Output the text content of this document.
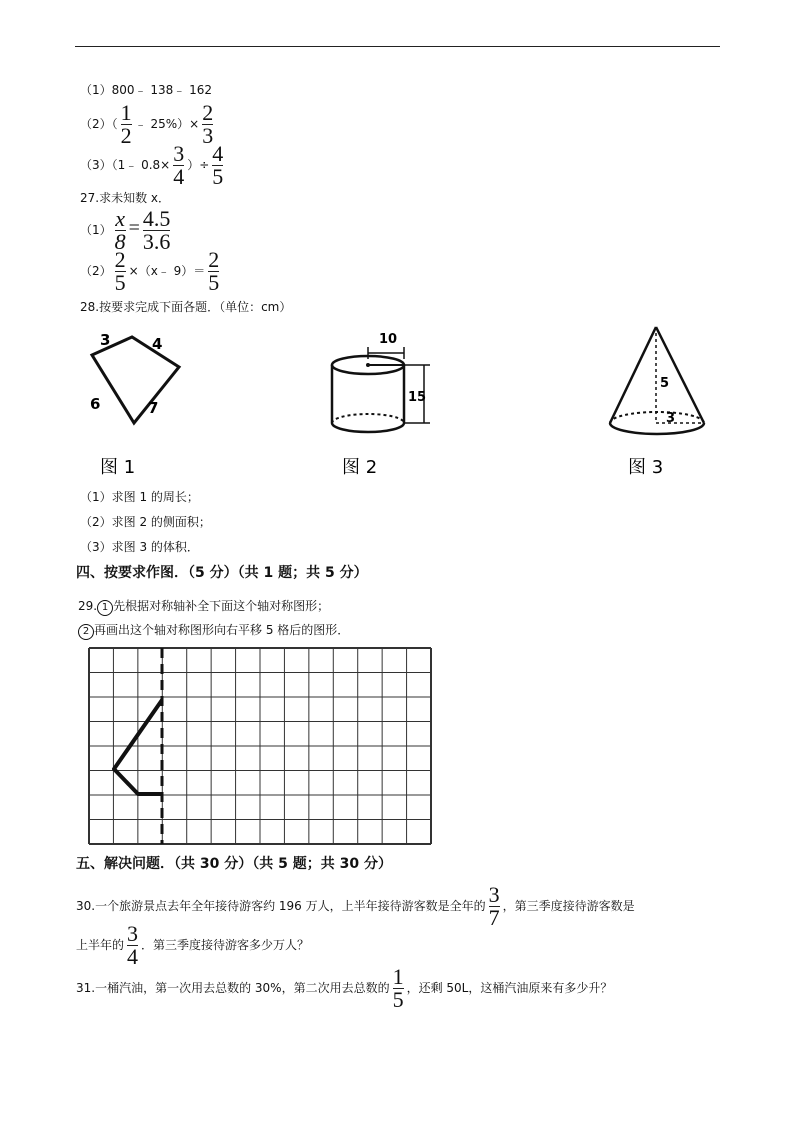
（1）800﹣ 138﹣ 162
$(2)( \frac{1}{2}$ ﹣ $25\%)\times \frac{2}{3}$
（3）（1﹣ $0.8\times \frac{3}{4}$ ）÷ $\frac{4}{5}$
27.求未知数 x．
$(1) \frac{x}{8} = \frac{4.5}{3.6}$
$(2) \frac{2}{5}$ ×（x﹣ $9)= \frac{2}{5}$
28.按要求完成下面各题．（单位：cm）
3	4
6	7
图 1
10
15
图 2
5
3
图 3
（1）求图 1 的周长；
（2）求图 2 的侧面积；
（3）求图 3 的体积．
四、按要求作图．（5 分）（共 1 题；共 5 分）
29. 1 先根据对称轴补全下面这个轴对称图形；
2 再画出这个轴对称图形向右平移 5 格后的图形．
五、解决问题．（共 30 分）（共 5 题；共 30 分）
30.一个旅游景点去年全年接待游客约 196 万人，上半年接待游客数是全年的 $\frac{3}{7}$ ，第三季度接待游客数是
上半年的 $\frac{3}{4}$ ．第三季度接待游客多少万人？
31.一桶汽油，第一次用去总数的 30%，第二次用去总数的 $\frac{1}{5}$ ，还剩 50L，这桶汽油原来有多少升？
